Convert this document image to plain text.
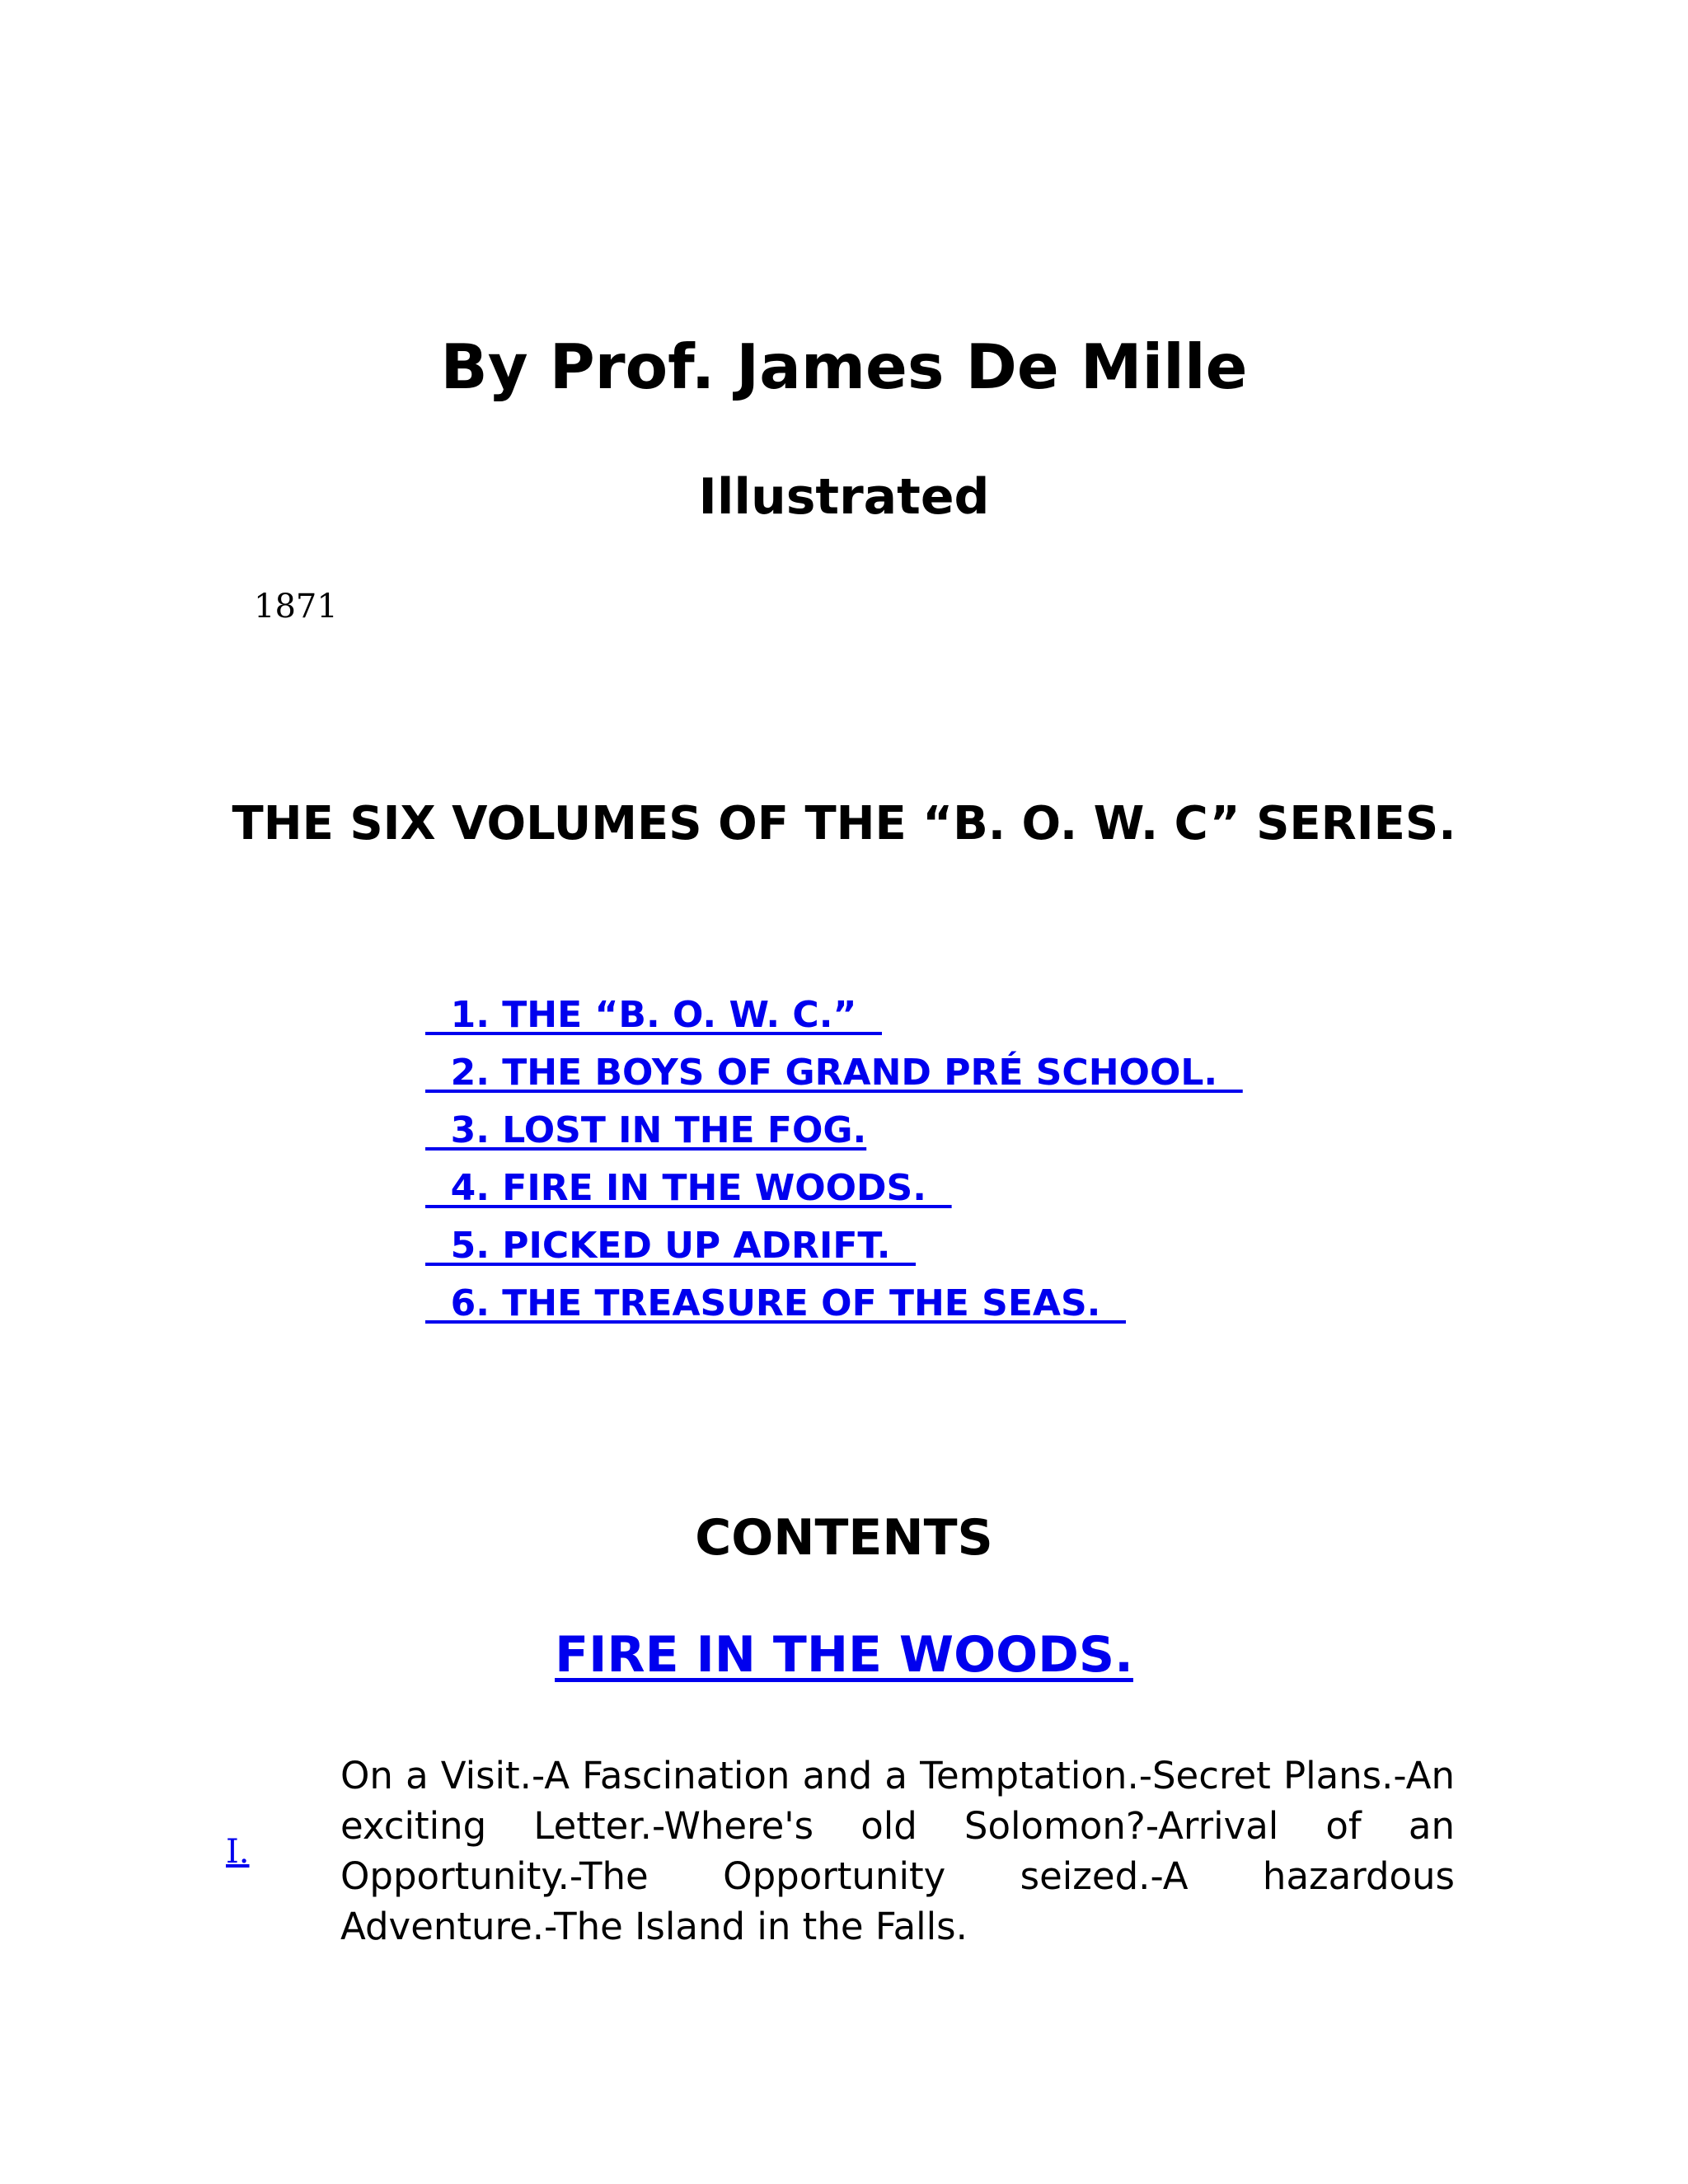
By Prof. James De Mille
Illustrated
1871
THE SIX VOLUMES OF THE “B. O. W. C” SERIES.
1. THE “B. O. W. C.”
2. THE BOYS OF GRAND PRÉ SCHOOL.
3. LOST IN THE FOG.
4. FIRE IN THE WOODS.
5. PICKED UP ADRIFT.
6. THE TREASURE OF THE SEAS.
CONTENTS
FIRE IN THE WOODS.
I.

On a Visit.-A Fascination and a Temptation.-Secret Plans.-An exciting Letter.-Where's old Solomon?-Arrival of an Opportunity.-The Opportunity seized.-A hazardous Adventure.-The Island in the Falls.
